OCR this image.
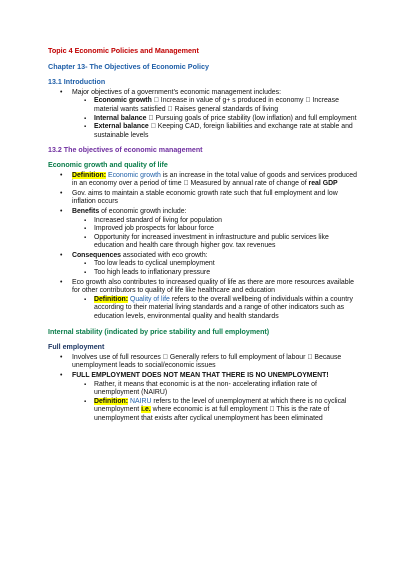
Topic 4 Economic Policies and Management
Chapter 13- The Objectives of Economic Policy
13.1 Introduction
• Major objectives of a government’s economic management includes:
▪ Economic growth   Increase in value of g+ s produced in economy   Increase material wants satisfied   Raises general standards of living
▪ Internal balance   Pursuing goals of price stability (low inflation) and full employment
▪ External balance   Keeping CAD, foreign liabilities and exchange rate at stable and sustainable levels
13.2 The objectives of economic management
Economic growth and quality of life
• Definition: Economic growth is an increase in the total value of goods and services produced in an economy over a period of time   Measured by annual rate of change of real GDP
• Gov. aims to maintain a stable economic growth rate such that full employment and low inflation occurs
• Benefits of economic growth include:
▪ Increased standard of living for population
▪ Improved job prospects for labour force
▪ Opportunity for increased investment in infrastructure and public services like education and health care through higher gov. tax revenues
• Consequences associated with eco growth:
▪ Too low leads to cyclical unemployment
▪ Too high leads to inflationary pressure
• Eco growth also contributes to increased quality of life as there are more resources available for other contributors to quality of life like healthcare and education
▪ Definition: Quality of life refers to the overall wellbeing of individuals within a country according to their material living standards and a range of other indicators such as education levels, environmental quality and health standards
Internal stability (indicated by price stability and full employment)
Full employment
• Involves use of full resources   Generally refers to full employment of labour   Because unemployment leads to social/economic issues
• FULL EMPLOYMENT DOES NOT MEAN THAT THERE IS NO UNEMPLOYMENT!
▪ Rather, it means that economic is at the non- accelerating inflation rate of unemployment (NAIRU)
▪ Definition: NAIRU refers to the level of unemployment at which there is no cyclical unemployment i.e. where economic is at full employment   This is the rate of unemployment that exists after cyclical unemployment has been eliminated
